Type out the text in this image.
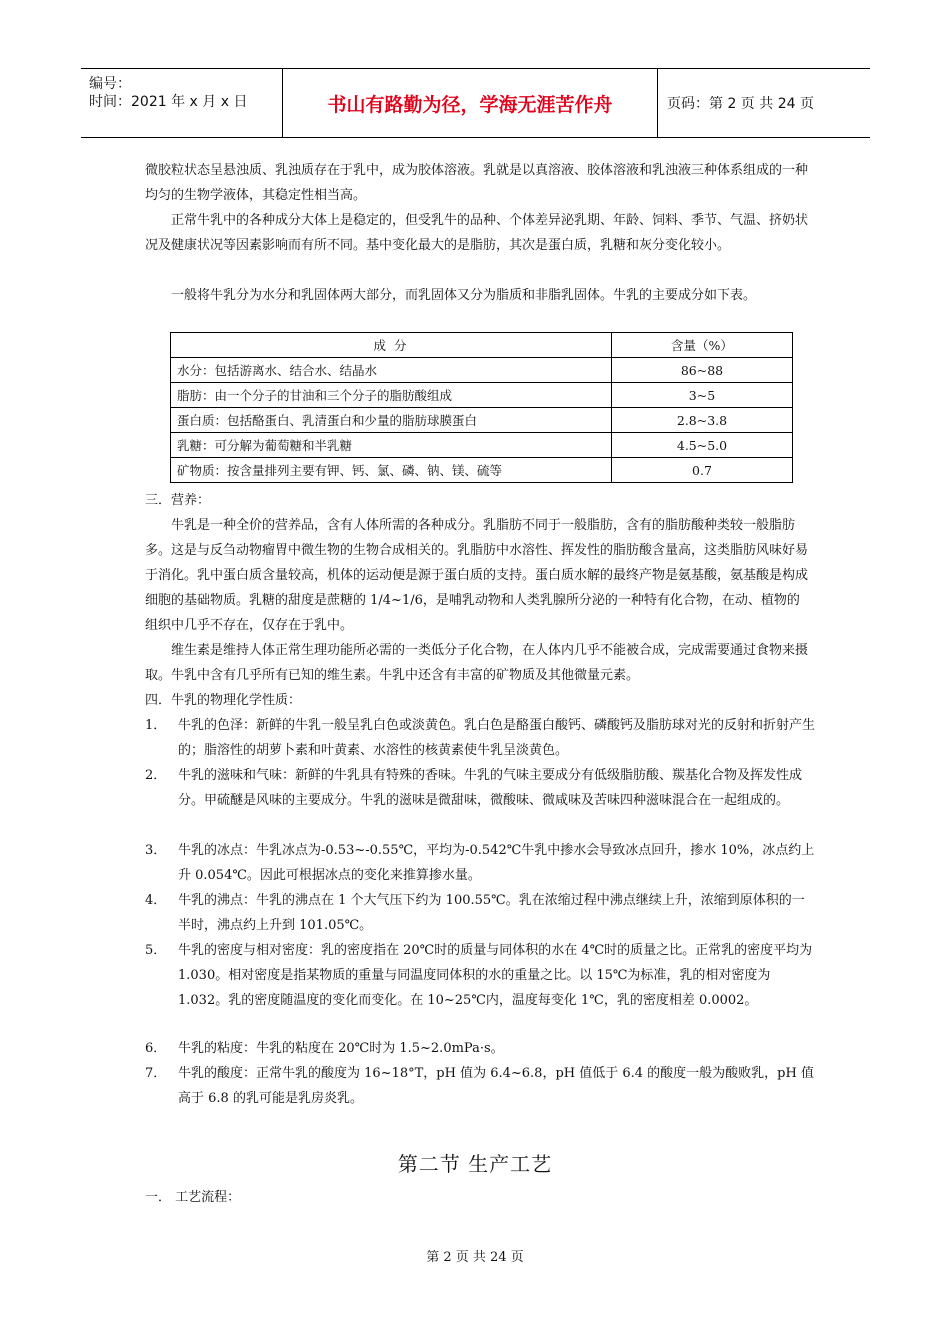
编号：
时间：2021 年 x 月 x 日	书山有路勤为径，学海无涯苦作舟	页码：第 2 页 共 24 页
微胶粒状态呈悬浊质、乳浊质存在于乳中，成为胶体溶液。乳就是以真溶液、胶体溶液和乳浊液三种体系组成的一种均匀的生物学液体，其稳定性相当高。
正常牛乳中的各种成分大体上是稳定的，但受乳牛的品种、个体差异泌乳期、年龄、饲料、季节、气温、挤奶状况及健康状况等因素影响而有所不同。基中变化最大的是脂肪，其次是蛋白质，乳糖和灰分变化较小。
一般将牛乳分为水分和乳固体两大部分，而乳固体又分为脂质和非脂乳固体。牛乳的主要成分如下表。
成 分	含量（%）
水分：包括游离水、结合水、结晶水	86~88
脂肪：由一个分子的甘油和三个分子的脂肪酸组成	3~5
蛋白质：包括酪蛋白、乳清蛋白和少量的脂肪球膜蛋白	2.8~3.8
乳糖：可分解为葡萄糖和半乳糖	4.5~5.0
矿物质：按含量排列主要有钾、钙、氯、磷、钠、镁、硫等	0.7
三．营养：
牛乳是一种全价的营养品，含有人体所需的各种成分。乳脂肪不同于一般脂肪，含有的脂肪酸种类较一般脂肪多。这是与反刍动物瘤胃中微生物的生物合成相关的。乳脂肪中水溶性、挥发性的脂肪酸含量高，这类脂肪风味好易于消化。乳中蛋白质含量较高，机体的运动便是源于蛋白质的支持。蛋白质水解的最终产物是氨基酸，氨基酸是构成细胞的基础物质。乳糖的甜度是蔗糖的 1/4~1/6，是哺乳动物和人类乳腺所分泌的一种特有化合物，在动、植物的组织中几乎不存在，仅存在于乳中。
维生素是维持人体正常生理功能所必需的一类低分子化合物，在人体内几乎不能被合成，完成需要通过食物来摄取。牛乳中含有几乎所有已知的维生素。牛乳中还含有丰富的矿物质及其他微量元素。
四．牛乳的物理化学性质：
1． 牛乳的色泽：新鲜的牛乳一般呈乳白色或淡黄色。乳白色是酪蛋白酸钙、磷酸钙及脂肪球对光的反射和折射产生的；脂溶性的胡萝卜素和叶黄素、水溶性的核黄素使牛乳呈淡黄色。
2． 牛乳的滋味和气味：新鲜的牛乳具有特殊的香味。牛乳的气味主要成分有低级脂肪酸、羰基化合物及挥发性成分。甲硫醚是风味的主要成分。牛乳的滋味是微甜味，微酸味、微咸味及苦味四种滋味混合在一起组成的。
3． 牛乳的冰点：牛乳冰点为-0.53~-0.55℃，平均为-0.542℃牛乳中掺水会导致冰点回升，掺水 10%，冰点约上升 0.054℃。因此可根据冰点的变化来推算掺水量。
4． 牛乳的沸点：牛乳的沸点在 1 个大气压下约为 100.55℃。乳在浓缩过程中沸点继续上升，浓缩到原体积的一半时，沸点约上升到 101.05℃。
5． 牛乳的密度与相对密度：乳的密度指在 20℃时的质量与同体积的水在 4℃时的质量之比。正常乳的密度平均为 1.030。相对密度是指某物质的重量与同温度同体积的水的重量之比。以 15℃为标准，乳的相对密度为 1.032。乳的密度随温度的变化而变化。在 10~25℃内，温度每变化 1℃，乳的密度相差 0.0002。
6． 牛乳的粘度：牛乳的粘度在 20℃时为 1.5~2.0mPa·s。
7． 牛乳的酸度：正常牛乳的酸度为 16~18°T，pH 值为 6.4~6.8，pH 值低于 6.4 的酸度一般为酸败乳，pH 值高于 6.8 的乳可能是乳房炎乳。
第二节 生产工艺
一． 工艺流程：
第 2 页 共 24 页
